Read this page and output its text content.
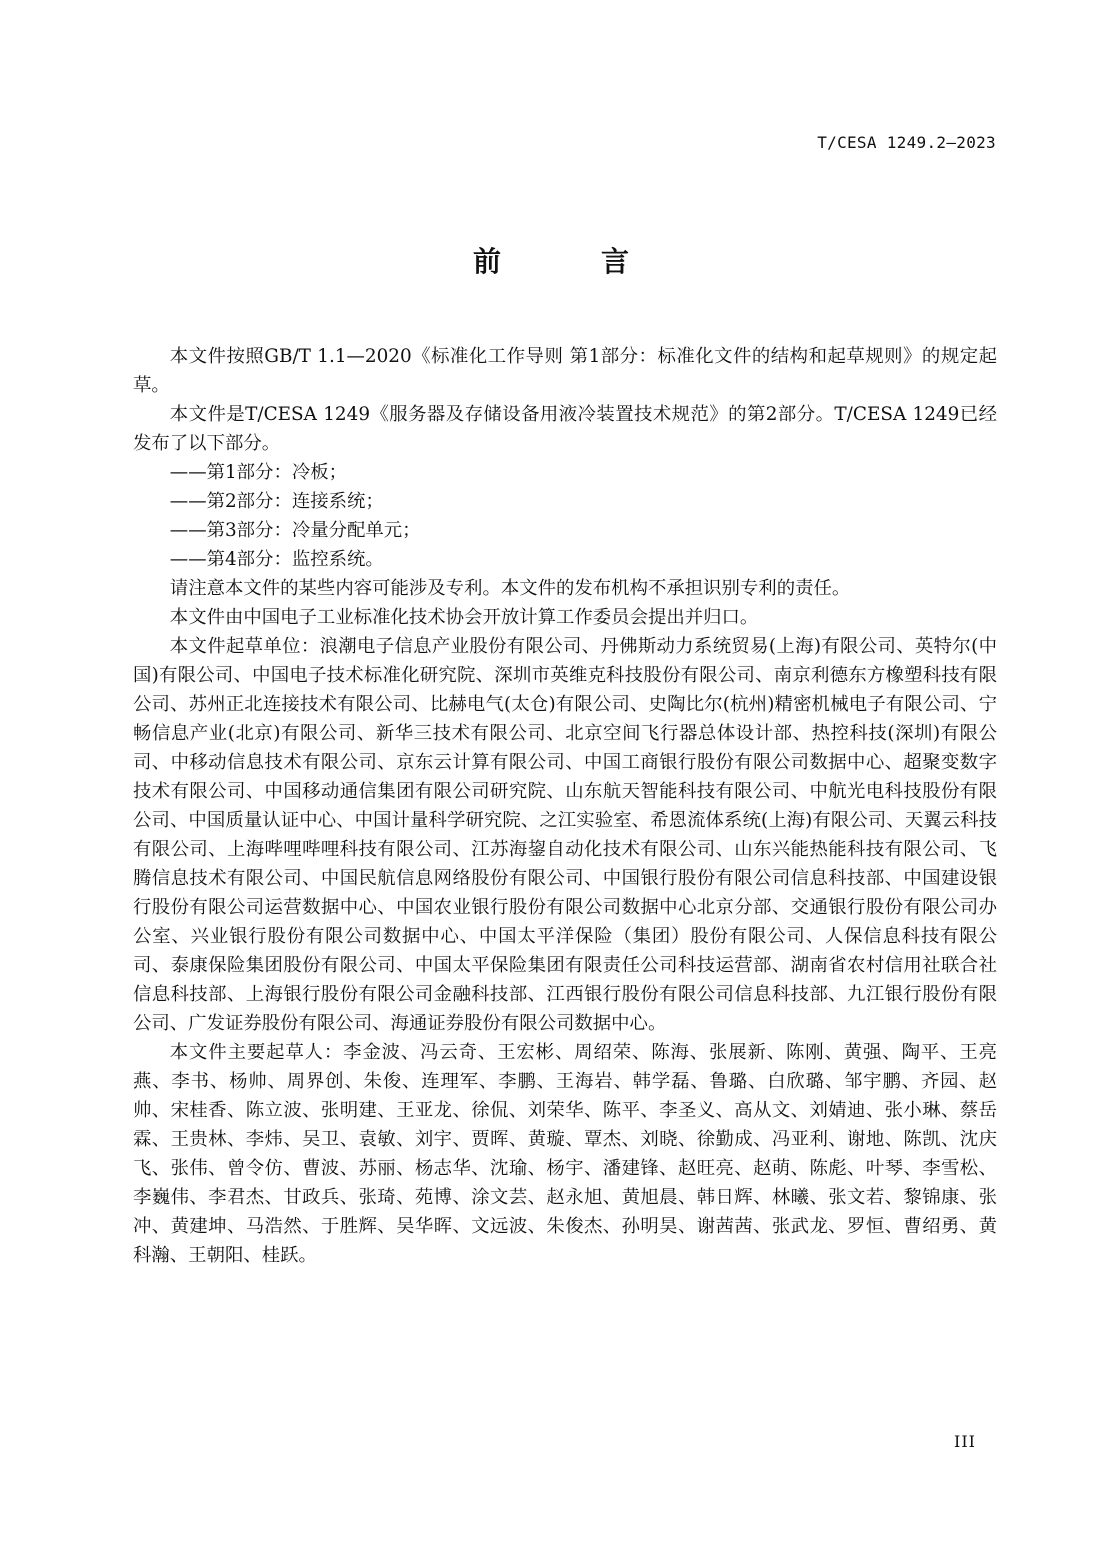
T/CESA 1249.2—2023
前　言

本文件按照GB/T 1.1—2020《标准化工作导则 第1部分：标准化文件的结构和起草规则》的规定起草。

本文件是T/CESA 1249《服务器及存储设备用液冷装置技术规范》的第2部分。T/CESA 1249已经发布了以下部分。

——第1部分：冷板；
——第2部分：连接系统；
——第3部分：冷量分配单元；
——第4部分：监控系统。

请注意本文件的某些内容可能涉及专利。本文件的发布机构不承担识别专利的责任。

本文件由中国电子工业标准化技术协会开放计算工作委员会提出并归口。

本文件起草单位：浪潮电子信息产业股份有限公司、丹佛斯动力系统贸易(上海)有限公司、英特尔(中国)有限公司、中国电子技术标准化研究院、深圳市英维克科技股份有限公司、南京利德东方橡塑科技有限公司、苏州正北连接技术有限公司、比赫电气(太仓)有限公司、史陶比尔(杭州)精密机械电子有限公司、宁畅信息产业(北京)有限公司、新华三技术有限公司、北京空间飞行器总体设计部、热控科技(深圳)有限公司、中移动信息技术有限公司、京东云计算有限公司、中国工商银行股份有限公司数据中心、超聚变数字技术有限公司、中国移动通信集团有限公司研究院、山东航天智能科技有限公司、中航光电科技股份有限公司、中国质量认证中心、中国计量科学研究院、之江实验室、希恩流体系统(上海)有限公司、天翼云科技有限公司、上海哔哩哔哩科技有限公司、江苏海鋆自动化技术有限公司、山东兴能热能科技有限公司、飞腾信息技术有限公司、中国民航信息网络股份有限公司、中国银行股份有限公司信息科技部、中国建设银行股份有限公司运营数据中心、中国农业银行股份有限公司数据中心北京分部、交通银行股份有限公司办公室、兴业银行股份有限公司数据中心、中国太平洋保险（集团）股份有限公司、人保信息科技有限公司、泰康保险集团股份有限公司、中国太平保险集团有限责任公司科技运营部、湖南省农村信用社联合社信息科技部、上海银行股份有限公司金融科技部、江西银行股份有限公司信息科技部、九江银行股份有限公司、广发证券股份有限公司、海通证券股份有限公司数据中心。

本文件主要起草人：李金波、冯云奇、王宏彬、周绍荣、陈海、张展新、陈刚、黄强、陶平、王亮燕、李书、杨帅、周界创、朱俊、连理军、李鹏、王海岩、韩学磊、鲁璐、白欣璐、邹宇鹏、齐园、赵帅、宋桂香、陈立波、张明建、王亚龙、徐侃、刘荣华、陈平、李圣义、高从文、刘婧迪、张小琳、蔡岳霖、王贵林、李炜、吴卫、袁敏、刘宇、贾晖、黄璇、覃杰、刘晓、徐勤成、冯亚利、谢地、陈凯、沈庆飞、张伟、曾令仿、曹波、苏丽、杨志华、沈瑜、杨宇、潘建锋、赵旺亮、赵萌、陈彪、叶琴、李雪松、李巍伟、李君杰、甘政兵、张琦、苑博、涂文芸、赵永旭、黄旭晨、韩日辉、林曦、张文若、黎锦康、张冲、黄建坤、马浩然、于胜辉、吴华晖、文远波、朱俊杰、孙明昊、谢茜茜、张武龙、罗恒、曹绍勇、黄科瀚、王朝阳、桂跃。

III
